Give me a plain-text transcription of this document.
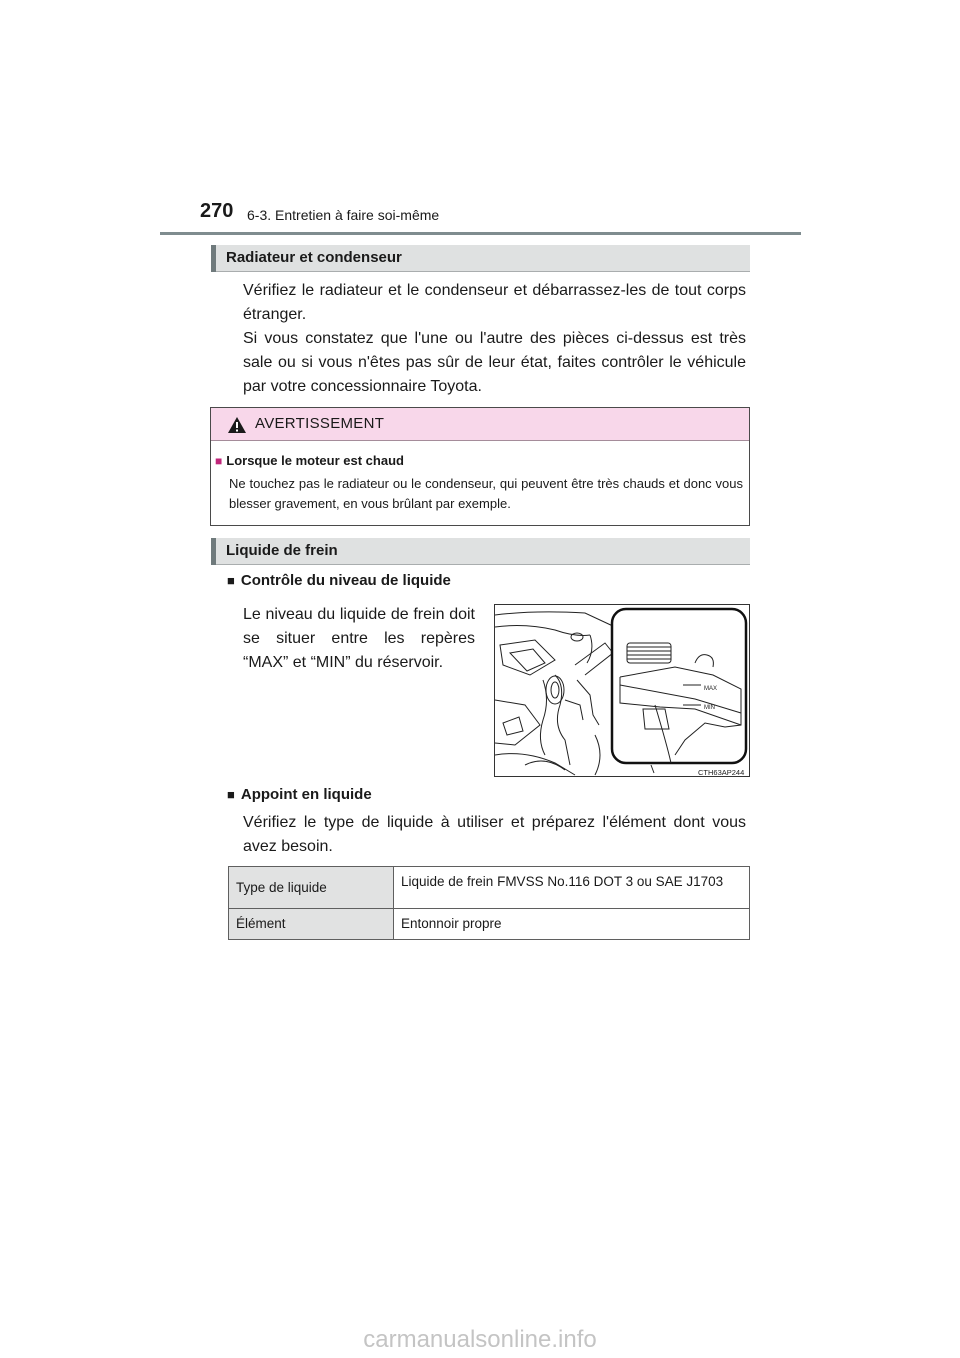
270 6-3. Entretien à faire soi-même
Radiateur et condenseur
Vérifiez le radiateur et le condenseur et débarrassez-les de tout corps étranger.
Si vous constatez que l'une ou l'autre des pièces ci-dessus est très sale ou si vous n'êtes pas sûr de leur état, faites contrôler le véhicule par votre concessionnaire Toyota.
AVERTISSEMENT
■ Lorsque le moteur est chaud
Ne touchez pas le radiateur ou le condenseur, qui peuvent être très chauds et donc vous blesser gravement, en vous brûlant par exemple.
Liquide de frein
■ Contrôle du niveau de liquide
Le niveau du liquide de frein doit se situer entre les repères “MAX” et “MIN” du réservoir.
MAX
MIN
CTH63AP244
■ Appoint en liquide
Vérifiez le type de liquide à utiliser et préparez l'élément dont vous avez besoin.
Type de liquide	Liquide de frein FMVSS No.116 DOT 3 ou SAE J1703
Élément	Entonnoir propre
carmanualsonline.info
